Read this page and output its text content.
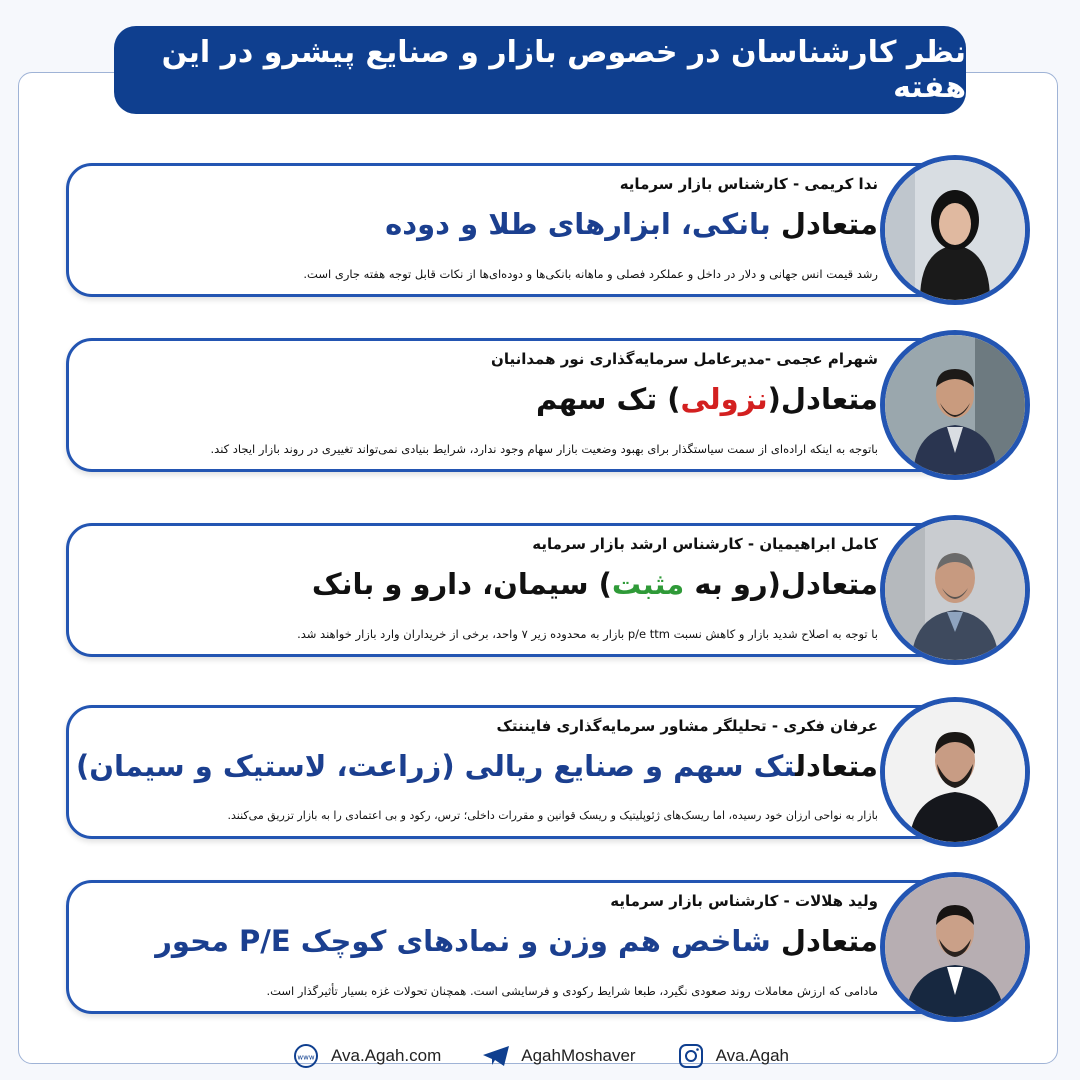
نظر کارشناسان در خصوص بازار و صنایع پیشرو در این هفته
ندا کریمی - کارشناس بازار سرمایه
متعادل بانکی، ابزارهای طلا و دوده
رشد قیمت انس جهانی و دلار در داخل و عملکرد فصلی و ماهانه بانکی‌ها و دوده‌ای‌ها از نکات قابل توجه هفته جاری است.
شهرام عجمی -مدیرعامل سرمایه‌گذاری نور همدانیان
متعادل(نزولی) تک سهم
باتوجه به اینکه اراده‌ای از سمت سیاستگذار برای بهبود وضعیت بازار سهام وجود ندارد، شرایط بنیادی نمی‌تواند تغییری در روند بازار ایجاد کند.
کامل ابراهیمیان - کارشناس ارشد بازار سرمایه
متعادل(رو به مثبت) سیمان، دارو و بانک
با توجه به اصلاح شدید بازار و کاهش نسبت p/e ttm بازار به محدوده زیر ۷ واحد، برخی از خریداران وارد بازار خواهند شد.
عرفان فکری - تحلیلگر مشاور سرمایه‌گذاری فایننتک
متعادلتک سهم و صنایع ریالی (زراعت، لاستیک و سیمان)
بازار به نواحی ارزان خود رسیده، اما ریسک‌های ژئوپلیتیک و ریسک قوانین و مقررات داخلی؛ ترس، رکود و بی اعتمادی را به بازار تزریق می‌کنند.
ولید هلالات - کارشناس بازار سرمایه
متعادل شاخص هم وزن و نمادهای کوچک P/E محور
مادامی که ارزش معاملات روند صعودی نگیرد، طبعا شرایط رکودی و فرسایشی است. همچنان تحولات غزه بسیار تأثیرگذار است.
www Ava.Agah.com	AgahMoshaver	Ava.Agah
